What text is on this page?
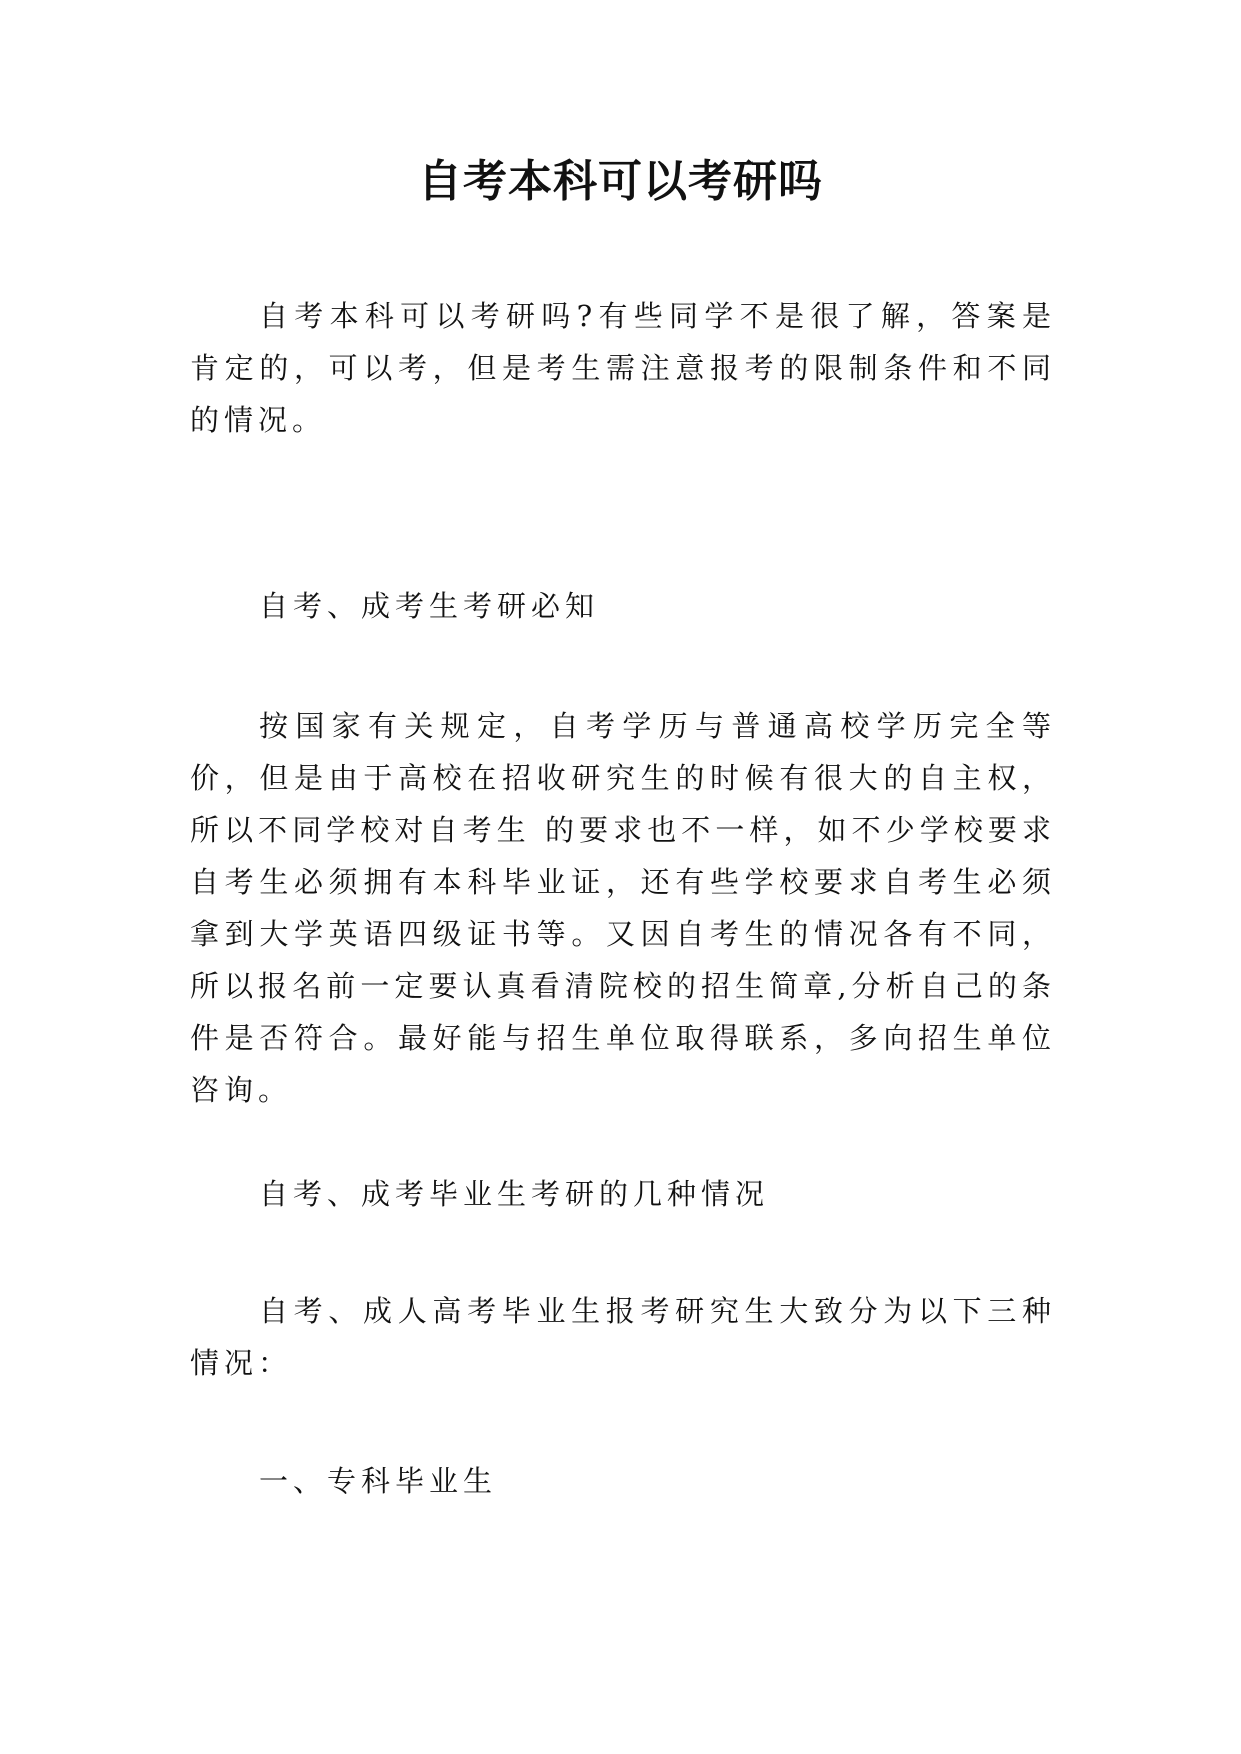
自考本科可以考研吗

自考本科可以考研吗?有些同学不是很了解，答案是肯定的，可以考，但是考生需注意报考的限制条件和不同的情况。

自考、成考生考研必知

按国家有关规定，自考学历与普通高校学历完全等价，但是由于高校在招收研究生的时候有很大的自主权，所以不同学校对自考生 的要求也不一样，如不少学校要求自考生必须拥有本科毕业证，还有些学校要求自考生必须拿到大学英语四级证书等。又因自考生的情况各有不同，所以报名前一定要认真看清院校的招生简章,分析自己的条件是否符合。最好能与招生单位取得联系，多向招生单位咨询。

自考、成考毕业生考研的几种情况

自考、成人高考毕业生报考研究生大致分为以下三种情况：

一、专科毕业生
